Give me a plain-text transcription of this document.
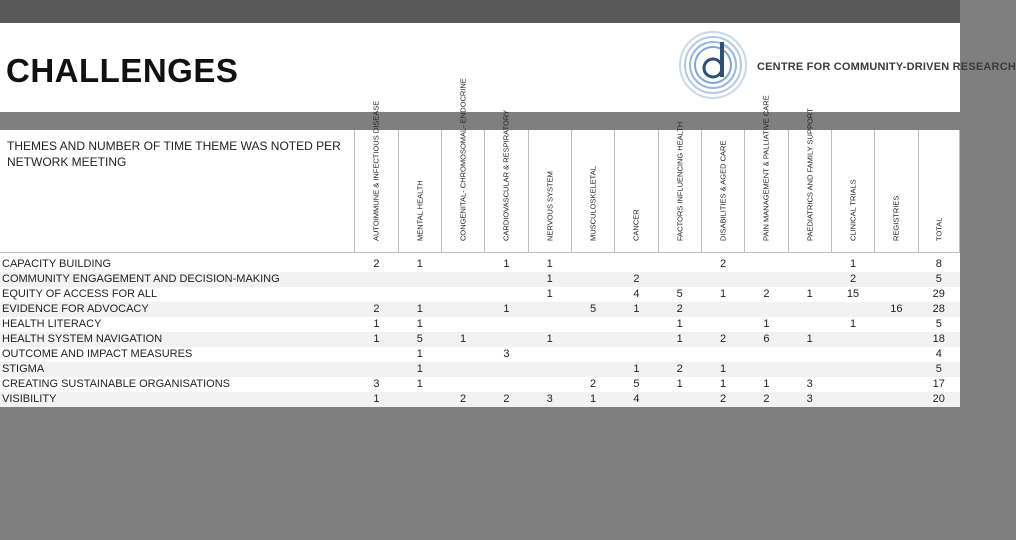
CHALLENGES	CENTRE FOR COMMUNITY-DRIVEN RESEARCH
THEMES AND NUMBER OF TIME THEME WAS NOTED PER NETWORK MEETING	AUTOIMMUNE & INFECTIOUS DISEASE	MENTAL HEALTH	CONGENITAL- CHROMOSOMAL- ENDOCRINE	CARDIOVASCULAR & RESPIRATORY	NERVOUS SYSTEM	MUSCULOSKELETAL	CANCER	FACTORS INFLUENCING HEALTH	DISABILITIES & AGED CARE	PAIN MANAGEMENT & PALLIATIVE CARE	PAEDIATRICS AND FAMILY SUPPORT	CLINICAL TRIALS	REGISTRIES	TOTAL

CAPACITY BUILDING	2	1		1	1				2			1		8
COMMUNITY ENGAGEMENT AND DECISION-MAKING					1		2					2		5
EQUITY OF ACCESS FOR ALL					1		4	5	1	2	1	15		29
EVIDENCE FOR ADVOCACY	2	1		1		5	1	2					16	28
HEALTH LITERACY	1	1						1		1		1		5
HEALTH SYSTEM NAVIGATION	1	5	1		1			1	2	6	1			18
OUTCOME AND IMPACT MEASURES		1		3										4
STIGMA		1					1	2	1					5
CREATING SUSTAINABLE ORGANISATIONS	3	1				2	5	1	1	1	3			17
VISIBILITY	1		2	2	3	1	4		2	2	3			20
